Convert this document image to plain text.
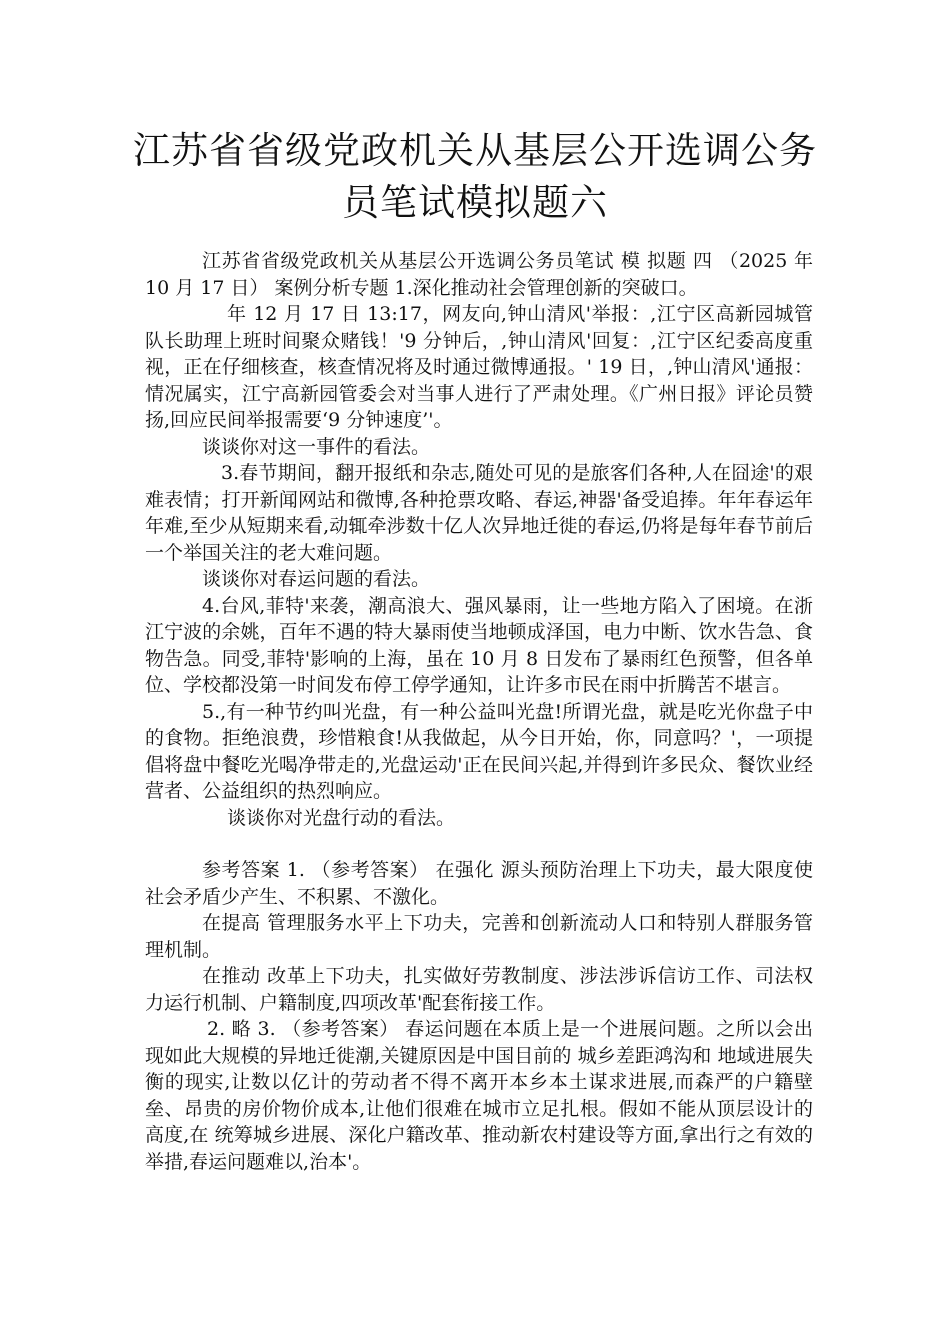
江苏省省级党政机关从基层公开选调公务
员笔试模拟题六

江苏省省级党政机关从基层公开选调公务员笔试 模 拟题 四 （2025 年 10 月 17 日） 案例分析专题 1.深化推动社会管理创新的突破口。

年 12 月 17 日 13:17，网友向,钟山清风'举报：,江宁区高新园城管队长助理上班时间聚众赌钱！'9 分钟后，,钟山清风'回复：,江宁区纪委高度重视，正在仔细核查，核查情况将及时通过微博通报。' 19 日，,钟山清风'通报：情况属实，江宁高新园管委会对当事人进行了严肃处理。《广州日报》评论员赞扬,回应民间举报需要‘9 分钟速度’'。

谈谈你对这一事件的看法。

3.春节期间，翻开报纸和杂志,随处可见的是旅客们各种,人在囧途'的艰难表情；打开新闻网站和微博,各种抢票攻略、春运,神器'备受追捧。年年春运年年难,至少从短期来看,动辄牵涉数十亿人次异地迁徙的春运,仍将是每年春节前后一个举国关注的老大难问题。

谈谈你对春运问题的看法。

4.台风,菲特'来袭，潮高浪大、强风暴雨，让一些地方陷入了困境。在浙江宁波的余姚，百年不遇的特大暴雨使当地顿成泽国，电力中断、饮水告急、食物告急。同受,菲特'影响的上海，虽在 10 月 8 日发布了暴雨红色预警，但各单位、学校都没第一时间发布停工停学通知，让许多市民在雨中折腾苦不堪言。

5.,有一种节约叫光盘，有一种公益叫光盘!所谓光盘，就是吃光你盘子中的食物。拒绝浪费，珍惜粮食!从我做起，从今日开始，你，同意吗？'，一项提倡将盘中餐吃光喝净带走的,光盘运动'正在民间兴起,并得到许多民众、餐饮业经营者、公益组织的热烈响应。

谈谈你对光盘行动的看法。

参考答案 1. （参考答案） 在强化 源头预防治理上下功夫，最大限度使社会矛盾少产生、不积累、不激化。

在提高 管理服务水平上下功夫，完善和创新流动人口和特别人群服务管理机制。

在推动 改革上下功夫，扎实做好劳教制度、涉法涉诉信访工作、司法权力运行机制、户籍制度,四项改革'配套衔接工作。

2. 略 3. （参考答案） 春运问题在本质上是一个进展问题。之所以会出现如此大规模的异地迁徙潮,关键原因是中国目前的 城乡差距鸿沟和 地域进展失衡的现实,让数以亿计的劳动者不得不离开本乡本土谋求进展,而森严的户籍壁垒、昂贵的房价物价成本,让他们很难在城市立足扎根。假如不能从顶层设计的高度,在 统筹城乡进展、深化户籍改革、推动新农村建设等方面,拿出行之有效的举措,春运问题难以,治本'。
